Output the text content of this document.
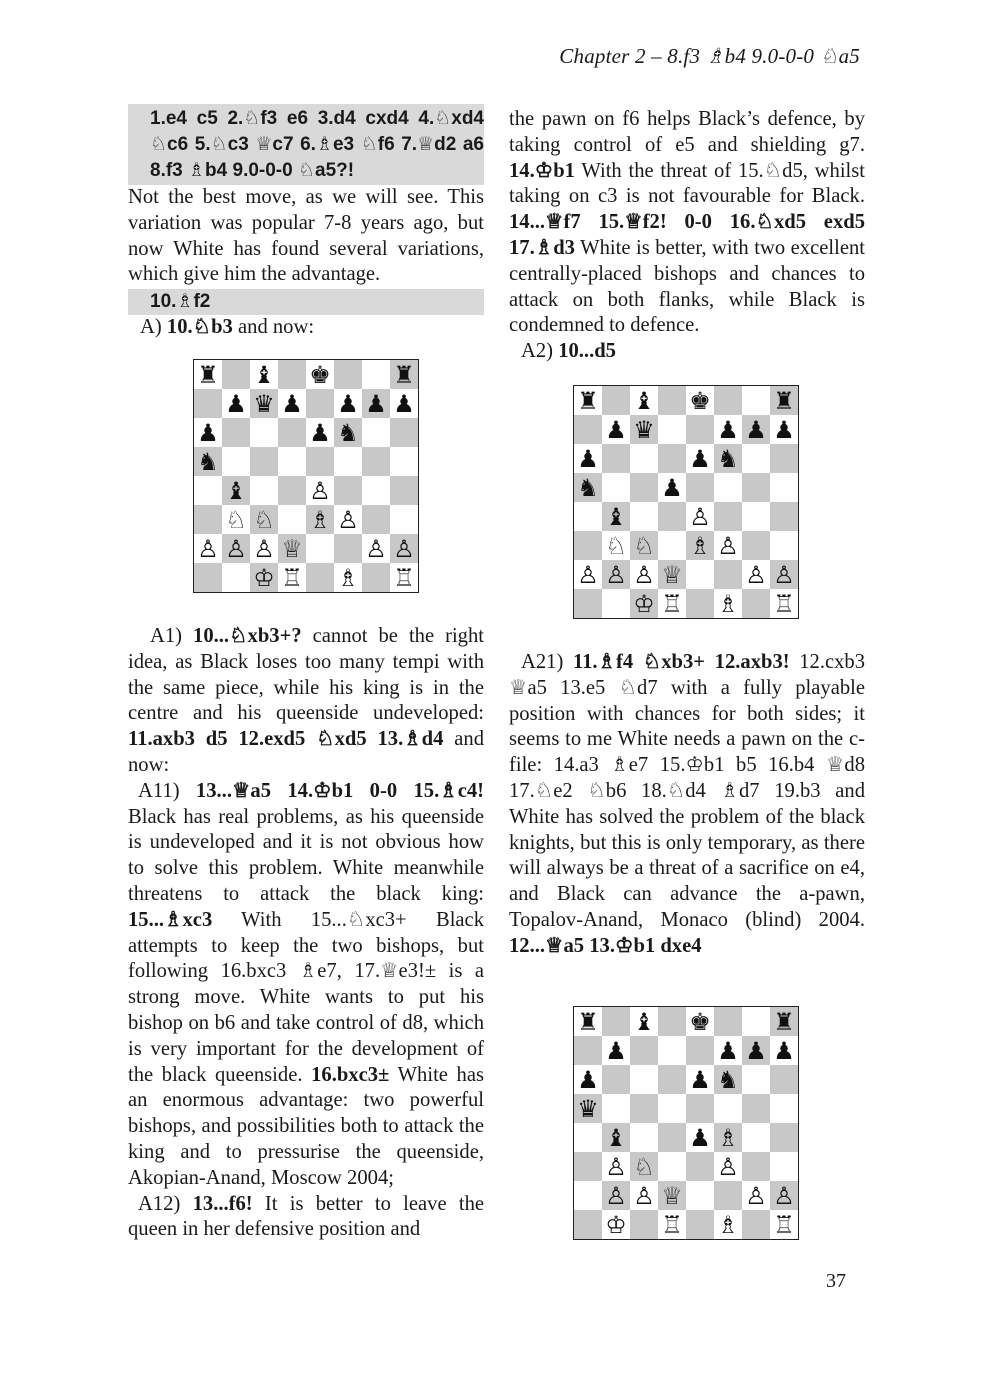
Chapter 2 – 8.f3 ♗b4 9.0-0-0 ♘a5
1.e4 c5 2.♘f3 e6 3.d4 cxd4 4.♘xd4 ♘c6 5.♘c3 ♕c7 6.♗e3 ♘f6 7.♕d2 a6 8.f3 ♗b4 9.0-0-0 ♘a5?!

Not the best move, as we will see. This variation was popular 7-8 years ago, but now White has found several variations, which give him the advantage.

10.♗f2

A) 10.♘b3 and now:

♜ ♝ ♚	♜
♟ ♛ ♟ ♟ ♟ ♟
♟	♟ ♞
♞
♝	♙
♘ ♘ ♗ ♙
♙ ♙ ♙ ♕	♙ ♙
♔ ♖ ♗ ♖

A1) 10...♘xb3+? cannot be the right idea, as Black loses too many tempi with the same piece, while his king is in the centre and his queenside undeveloped: 11.axb3 d5 12.exd5 ♘xd5 13.♗d4 and now:

A11) 13...♕a5 14.♔b1 0-0 15.♗c4! Black has real problems, as his queenside is undeveloped and it is not obvious how to solve this problem. White meanwhile threatens to attack the black king: 15...♗xc3 With 15...♘xc3+ Black attempts to keep the two bishops, but following 16.bxc3 ♗e7, 17.♕e3!± is a strong move. White wants to put his bishop on b6 and take control of d8, which is very important for the development of the black queenside. 16.bxc3± White has an enormous advantage: two powerful bishops, and possibilities both to attack the king and to pressurise the queenside, Akopian-Anand, Moscow 2004;

A12) 13...f6! It is better to leave the queen in her defensive position and

the pawn on f6 helps Black’s defence, by taking control of e5 and shielding g7. 14.♔b1 With the threat of 15.♘d5, whilst taking on c3 is not favourable for Black. 14...♕f7 15.♕f2! 0-0 16.♘xd5 exd5 17.♗d3 White is better, with two excellent centrally-placed bishops and chances to attack on both flanks, while Black is condemned to defence.

A2) 10...d5

♜ ♝ ♚	♜
♟ ♛	♟ ♟ ♟
♟	♟ ♞
♞	♟
♝	♙
♘ ♘ ♗ ♙
♙ ♙ ♙ ♕	♙ ♙
♔ ♖ ♗ ♖

A21) 11.♗f4 ♘xb3+ 12.axb3! 12.cxb3 ♕a5 13.e5 ♘d7 with a fully playable position with chances for both sides; it seems to me White needs a pawn on the c-file: 14.a3 ♗e7 15.♔b1 b5 16.b4 ♕d8 17.♘e2 ♘b6 18.♘d4 ♗d7 19.b3 and White has solved the problem of the black knights, but this is only temporary, as there will always be a threat of a sacrifice on e4, and Black can advance the a-pawn, Topalov-Anand, Monaco (blind) 2004. 12...♕a5 13.♔b1 dxe4

♜ ♝ ♚	♜
♟	♟ ♟ ♟
♟	♟ ♞
♛
♝	♟ ♗
♙ ♘	♙
♙ ♙ ♕	♙ ♙
♔ ♖ ♗ ♖
37
